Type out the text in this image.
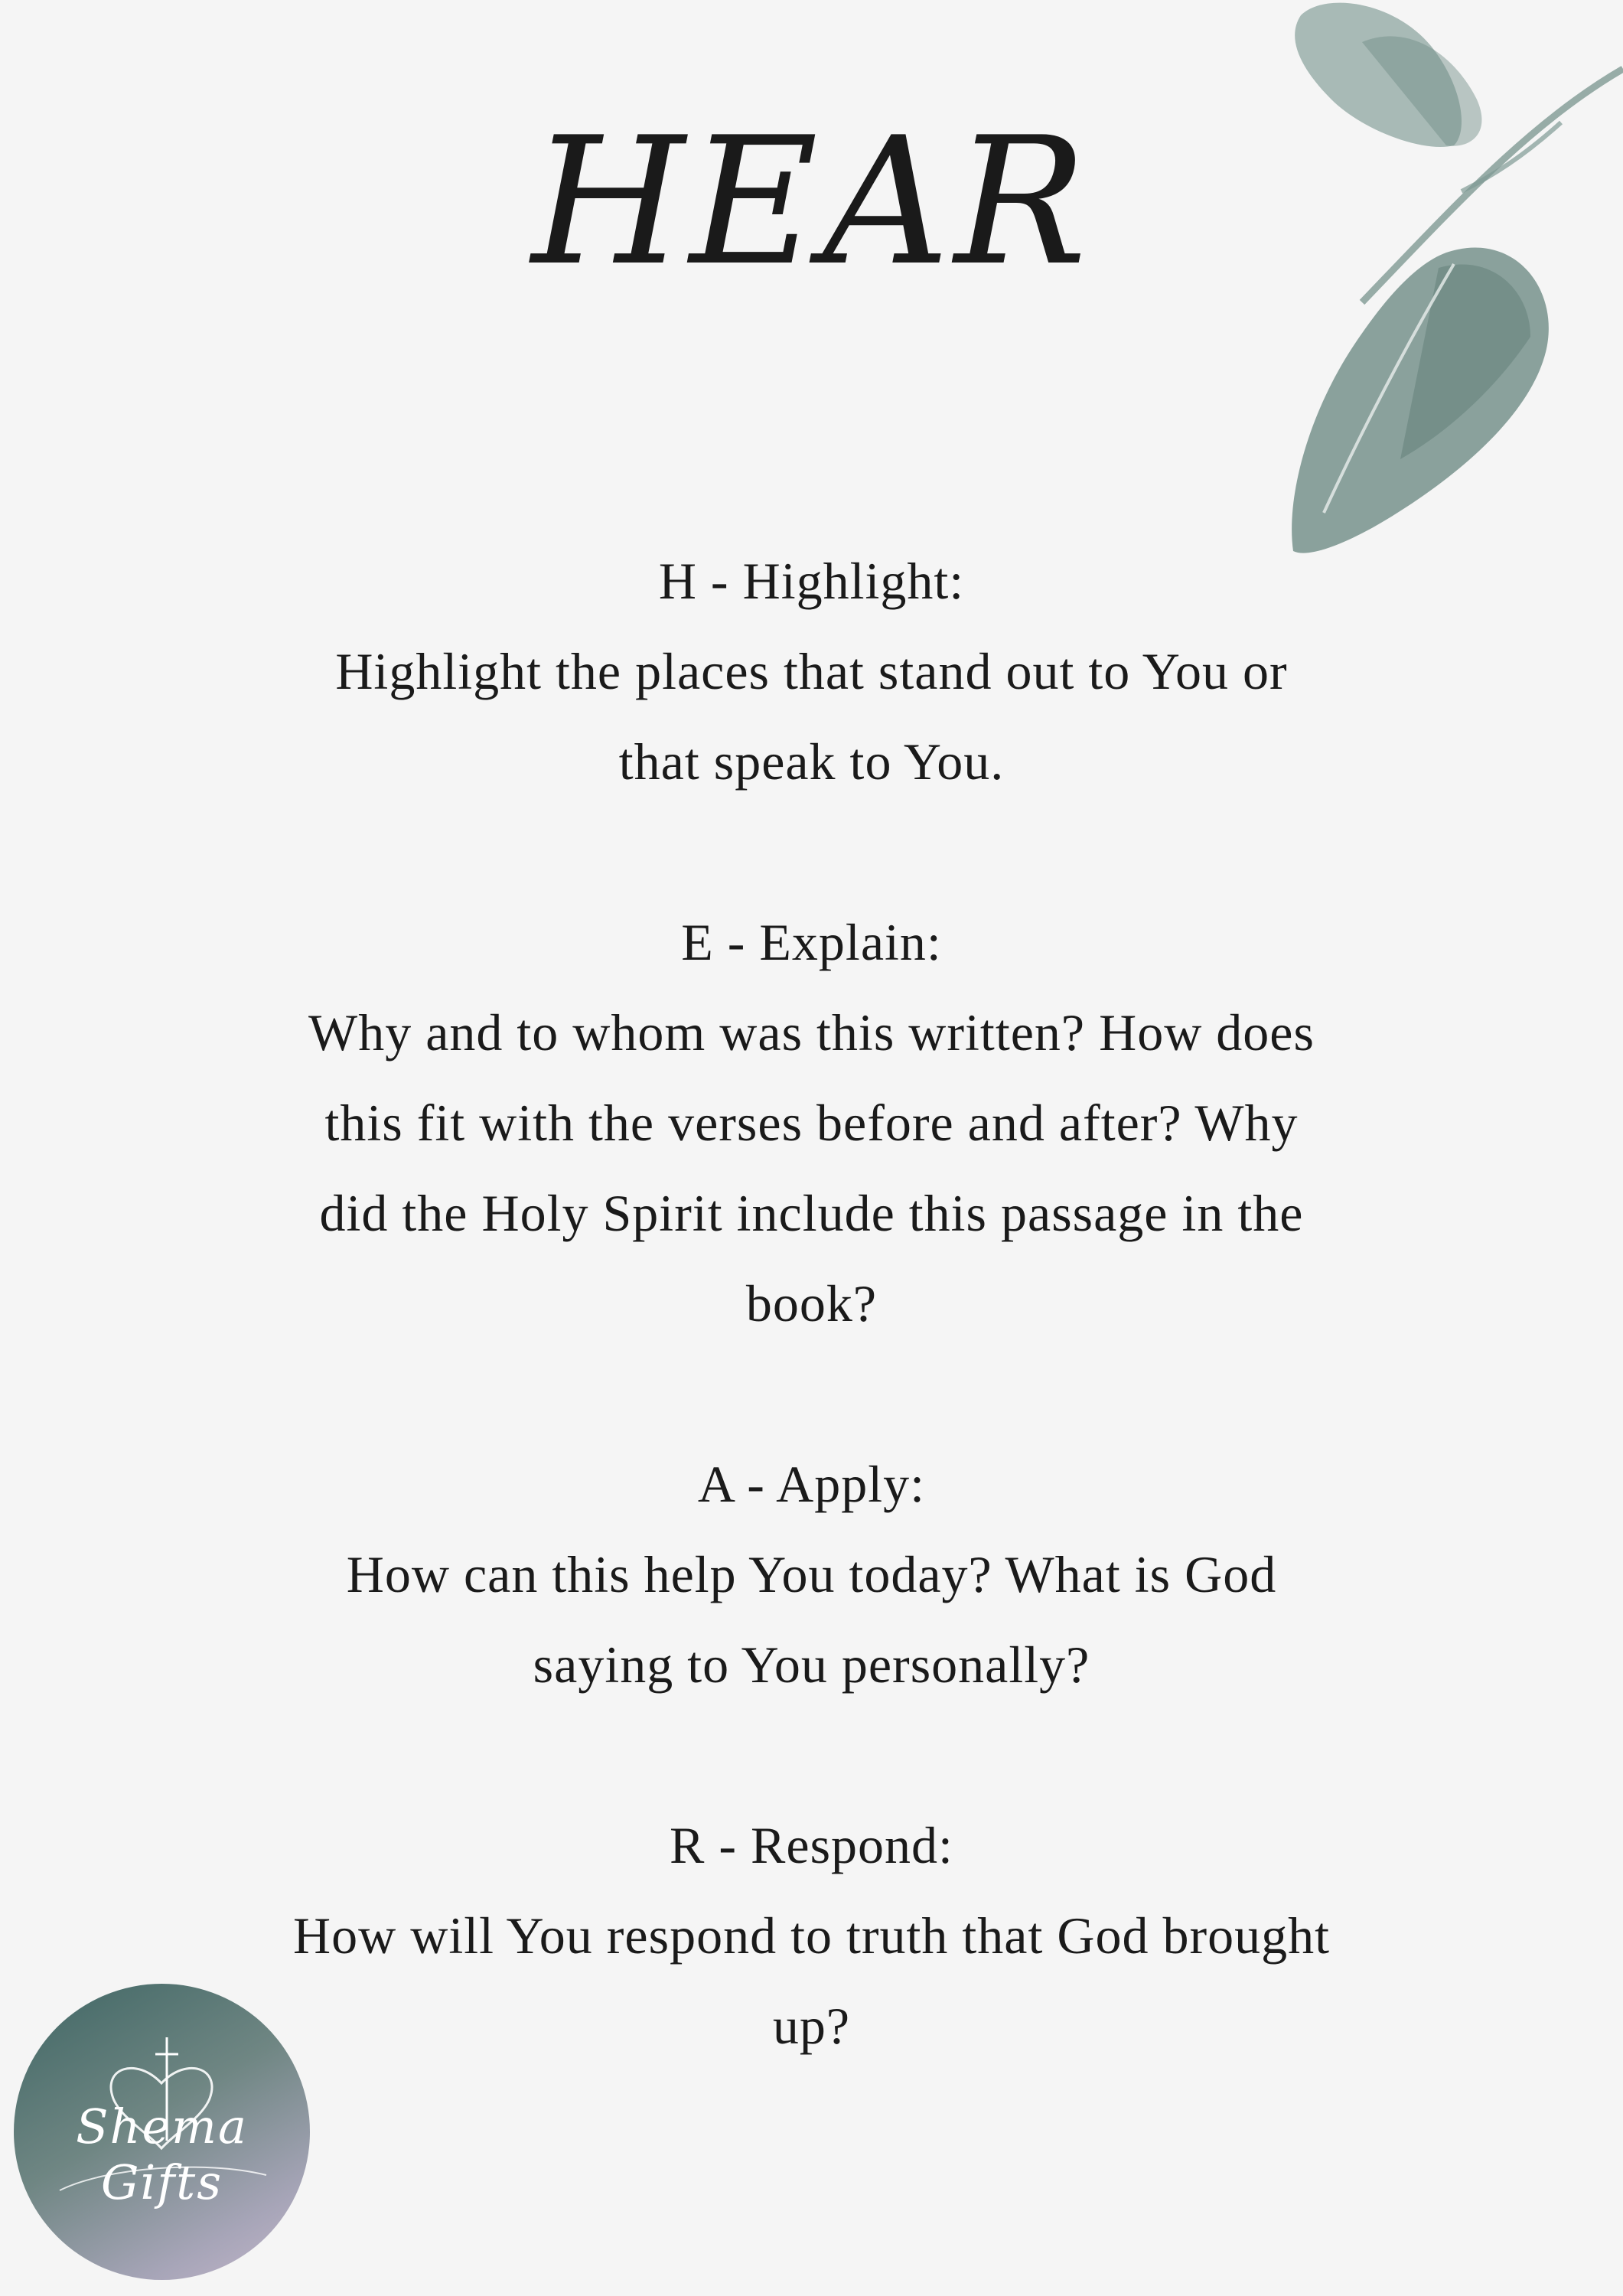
HEAR
H - Highlight:
Highlight the places that stand out to You or
that speak to You.
E - Explain:
Why and to whom was this written? How does
this fit with the verses before and after? Why
did the Holy Spirit include this passage in the
book?
A - Apply:
How can this help You today? What is God
saying to You personally?
R - Respond:
How will You respond to truth that God brought
up?
Shema Gifts
